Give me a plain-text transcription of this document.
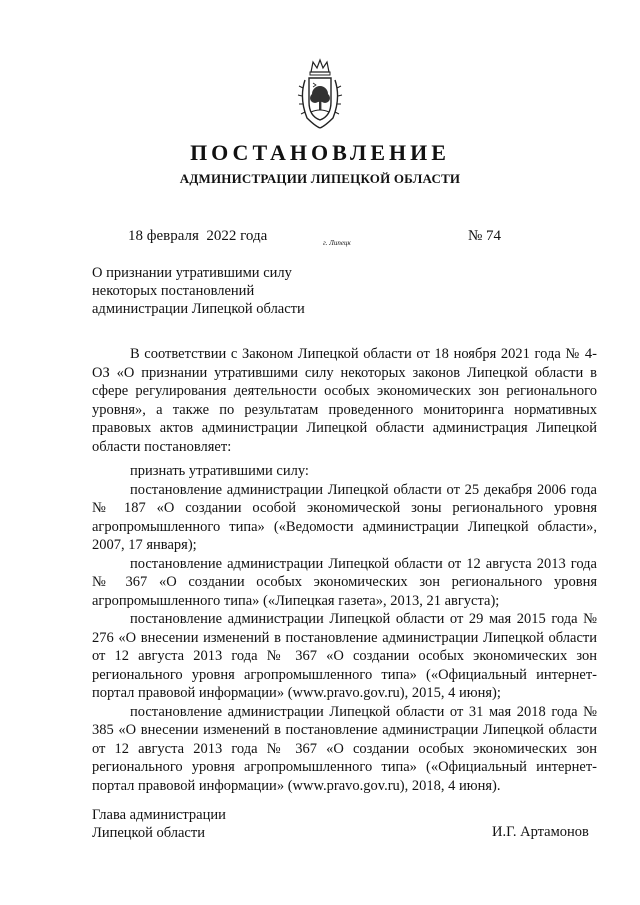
ПОСТАНОВЛЕНИЕ
АДМИНИСТРАЦИИ ЛИПЕЦКОЙ ОБЛАСТИ
18 февраля  2022 года	г. Липецк	№ 74
О признании утратившими силу
некоторых постановлений
администрации Липецкой области

В соответствии с Законом Липецкой области от 18 ноября 2021 года № 4-ОЗ «О признании утратившими силу некоторых законов Липецкой области в сфере регулирования деятельности особых экономических зон регионального уровня», а также по результатам проведенного мониторинга нормативных правовых актов администрации Липецкой области администрация Липецкой области постановляет:

признать утратившими силу:

постановление администрации Липецкой области от 25 декабря 2006 года № 187 «О создании особой экономической зоны регионального уровня агропромышленного типа» («Ведомости администрации Липецкой области», 2007, 17 января);

постановление администрации Липецкой области от 12 августа 2013 года № 367 «О создании особых экономических зон регионального уровня агропромышленного типа» («Липецкая газета», 2013, 21 августа);

постановление администрации Липецкой области от 29 мая 2015 года № 276 «О внесении изменений в постановление администрации Липецкой области от 12 августа 2013 года № 367 «О создании особых экономических зон регионального уровня агропромышленного типа» («Официальный интернет-портал правовой информации» (www.pravo.gov.ru), 2015, 4 июня);

постановление администрации Липецкой области от 31 мая 2018 года № 385 «О внесении изменений в постановление администрации Липецкой области от 12 августа 2013 года № 367 «О создании особых экономических зон регионального уровня агропромышленного типа» («Официальный интернет-портал правовой информации» (www.pravo.gov.ru), 2018, 4 июня).

Глава администрации
Липецкой области	И.Г. Артамонов
